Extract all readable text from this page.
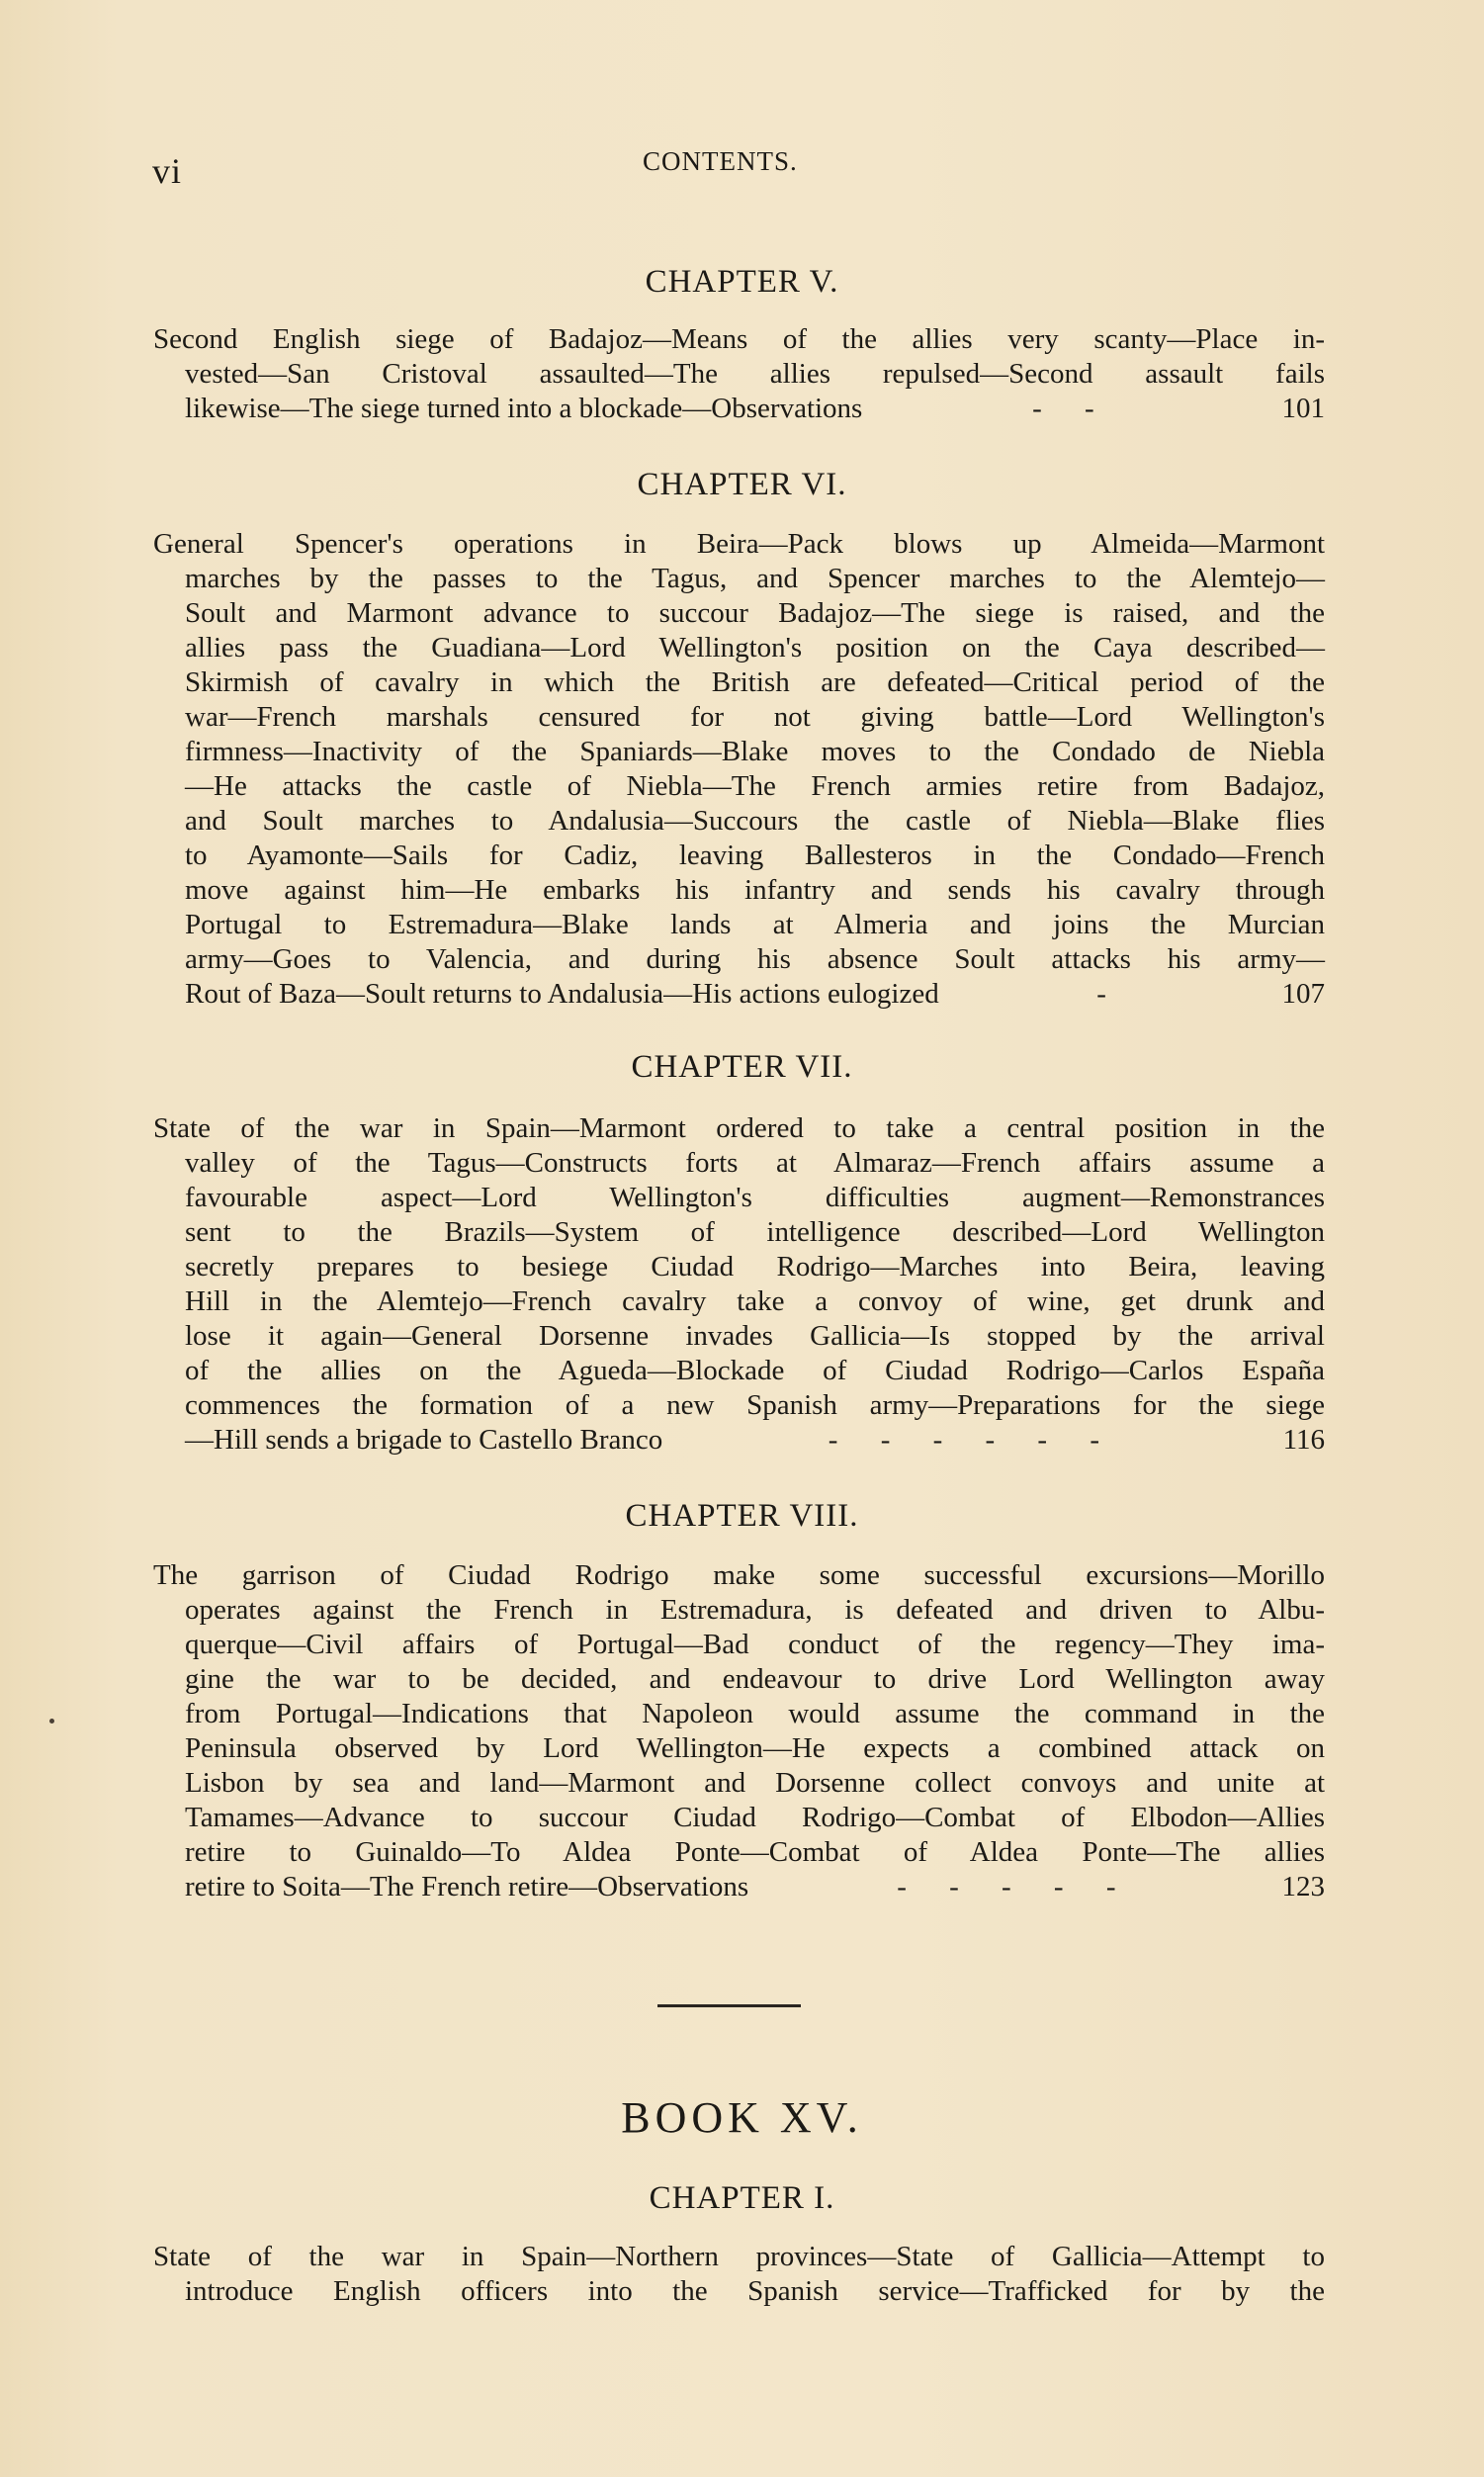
vi	CONTENTS.
CHAPTER V.
Second English siege of Badajoz—Means of the allies very scanty—Place in-
vested—San Cristoval assaulted—The allies repulsed—Second assault fails
likewise—The siege turned into a blockade—Observations	- -	101
CHAPTER VI.
General Spencer's operations in Beira—Pack blows up Almeida—Marmont
marches by the passes to the Tagus, and Spencer marches to the Alemtejo—
Soult and Marmont advance to succour Badajoz—The siege is raised, and the
allies pass the Guadiana—Lord Wellington's position on the Caya described—
Skirmish of cavalry in which the British are defeated—Critical period of the
war—French marshals censured for not giving battle—Lord Wellington's
firmness—Inactivity of the Spaniards—Blake moves to the Condado de Niebla
—He attacks the castle of Niebla—The French armies retire from Badajoz,
and Soult marches to Andalusia—Succours the castle of Niebla—Blake flies
to Ayamonte—Sails for Cadiz, leaving Ballesteros in the Condado—French
move against him—He embarks his infantry and sends his cavalry through
Portugal to Estremadura—Blake lands at Almeria and joins the Murcian
army—Goes to Valencia, and during his absence Soult attacks his army—
Rout of Baza—Soult returns to Andalusia—His actions eulogized	-	107
CHAPTER VII.
State of the war in Spain—Marmont ordered to take a central position in the
valley of the Tagus—Constructs forts at Almaraz—French affairs assume a
favourable aspect—Lord Wellington's difficulties augment—Remonstrances
sent to the Brazils—System of intelligence described—Lord Wellington
secretly prepares to besiege Ciudad Rodrigo—Marches into Beira, leaving
Hill in the Alemtejo—French cavalry take a convoy of wine, get drunk and
lose it again—General Dorsenne invades Gallicia—Is stopped by the arrival
of the allies on the Agueda—Blockade of Ciudad Rodrigo—Carlos España
commences the formation of a new Spanish army—Preparations for the siege
—Hill sends a brigade to Castello Branco	- - - - - -	116
CHAPTER VIII.
The garrison of Ciudad Rodrigo make some successful excursions—Morillo
operates against the French in Estremadura, is defeated and driven to Albu-
querque—Civil affairs of Portugal—Bad conduct of the regency—They ima-
gine the war to be decided, and endeavour to drive Lord Wellington away
from Portugal—Indications that Napoleon would assume the command in the
Peninsula observed by Lord Wellington—He expects a combined attack on
Lisbon by sea and land—Marmont and Dorsenne collect convoys and unite at
Tamames—Advance to succour Ciudad Rodrigo—Combat of Elbodon—Allies
retire to Guinaldo—To Aldea Ponte—Combat of Aldea Ponte—The allies
retire to Soita—The French retire—Observations	- - - - -	123
BOOK XV.
CHAPTER I.
State of the war in Spain—Northern provinces—State of Gallicia—Attempt to
introduce English officers into the Spanish service—Trafficked for by the
